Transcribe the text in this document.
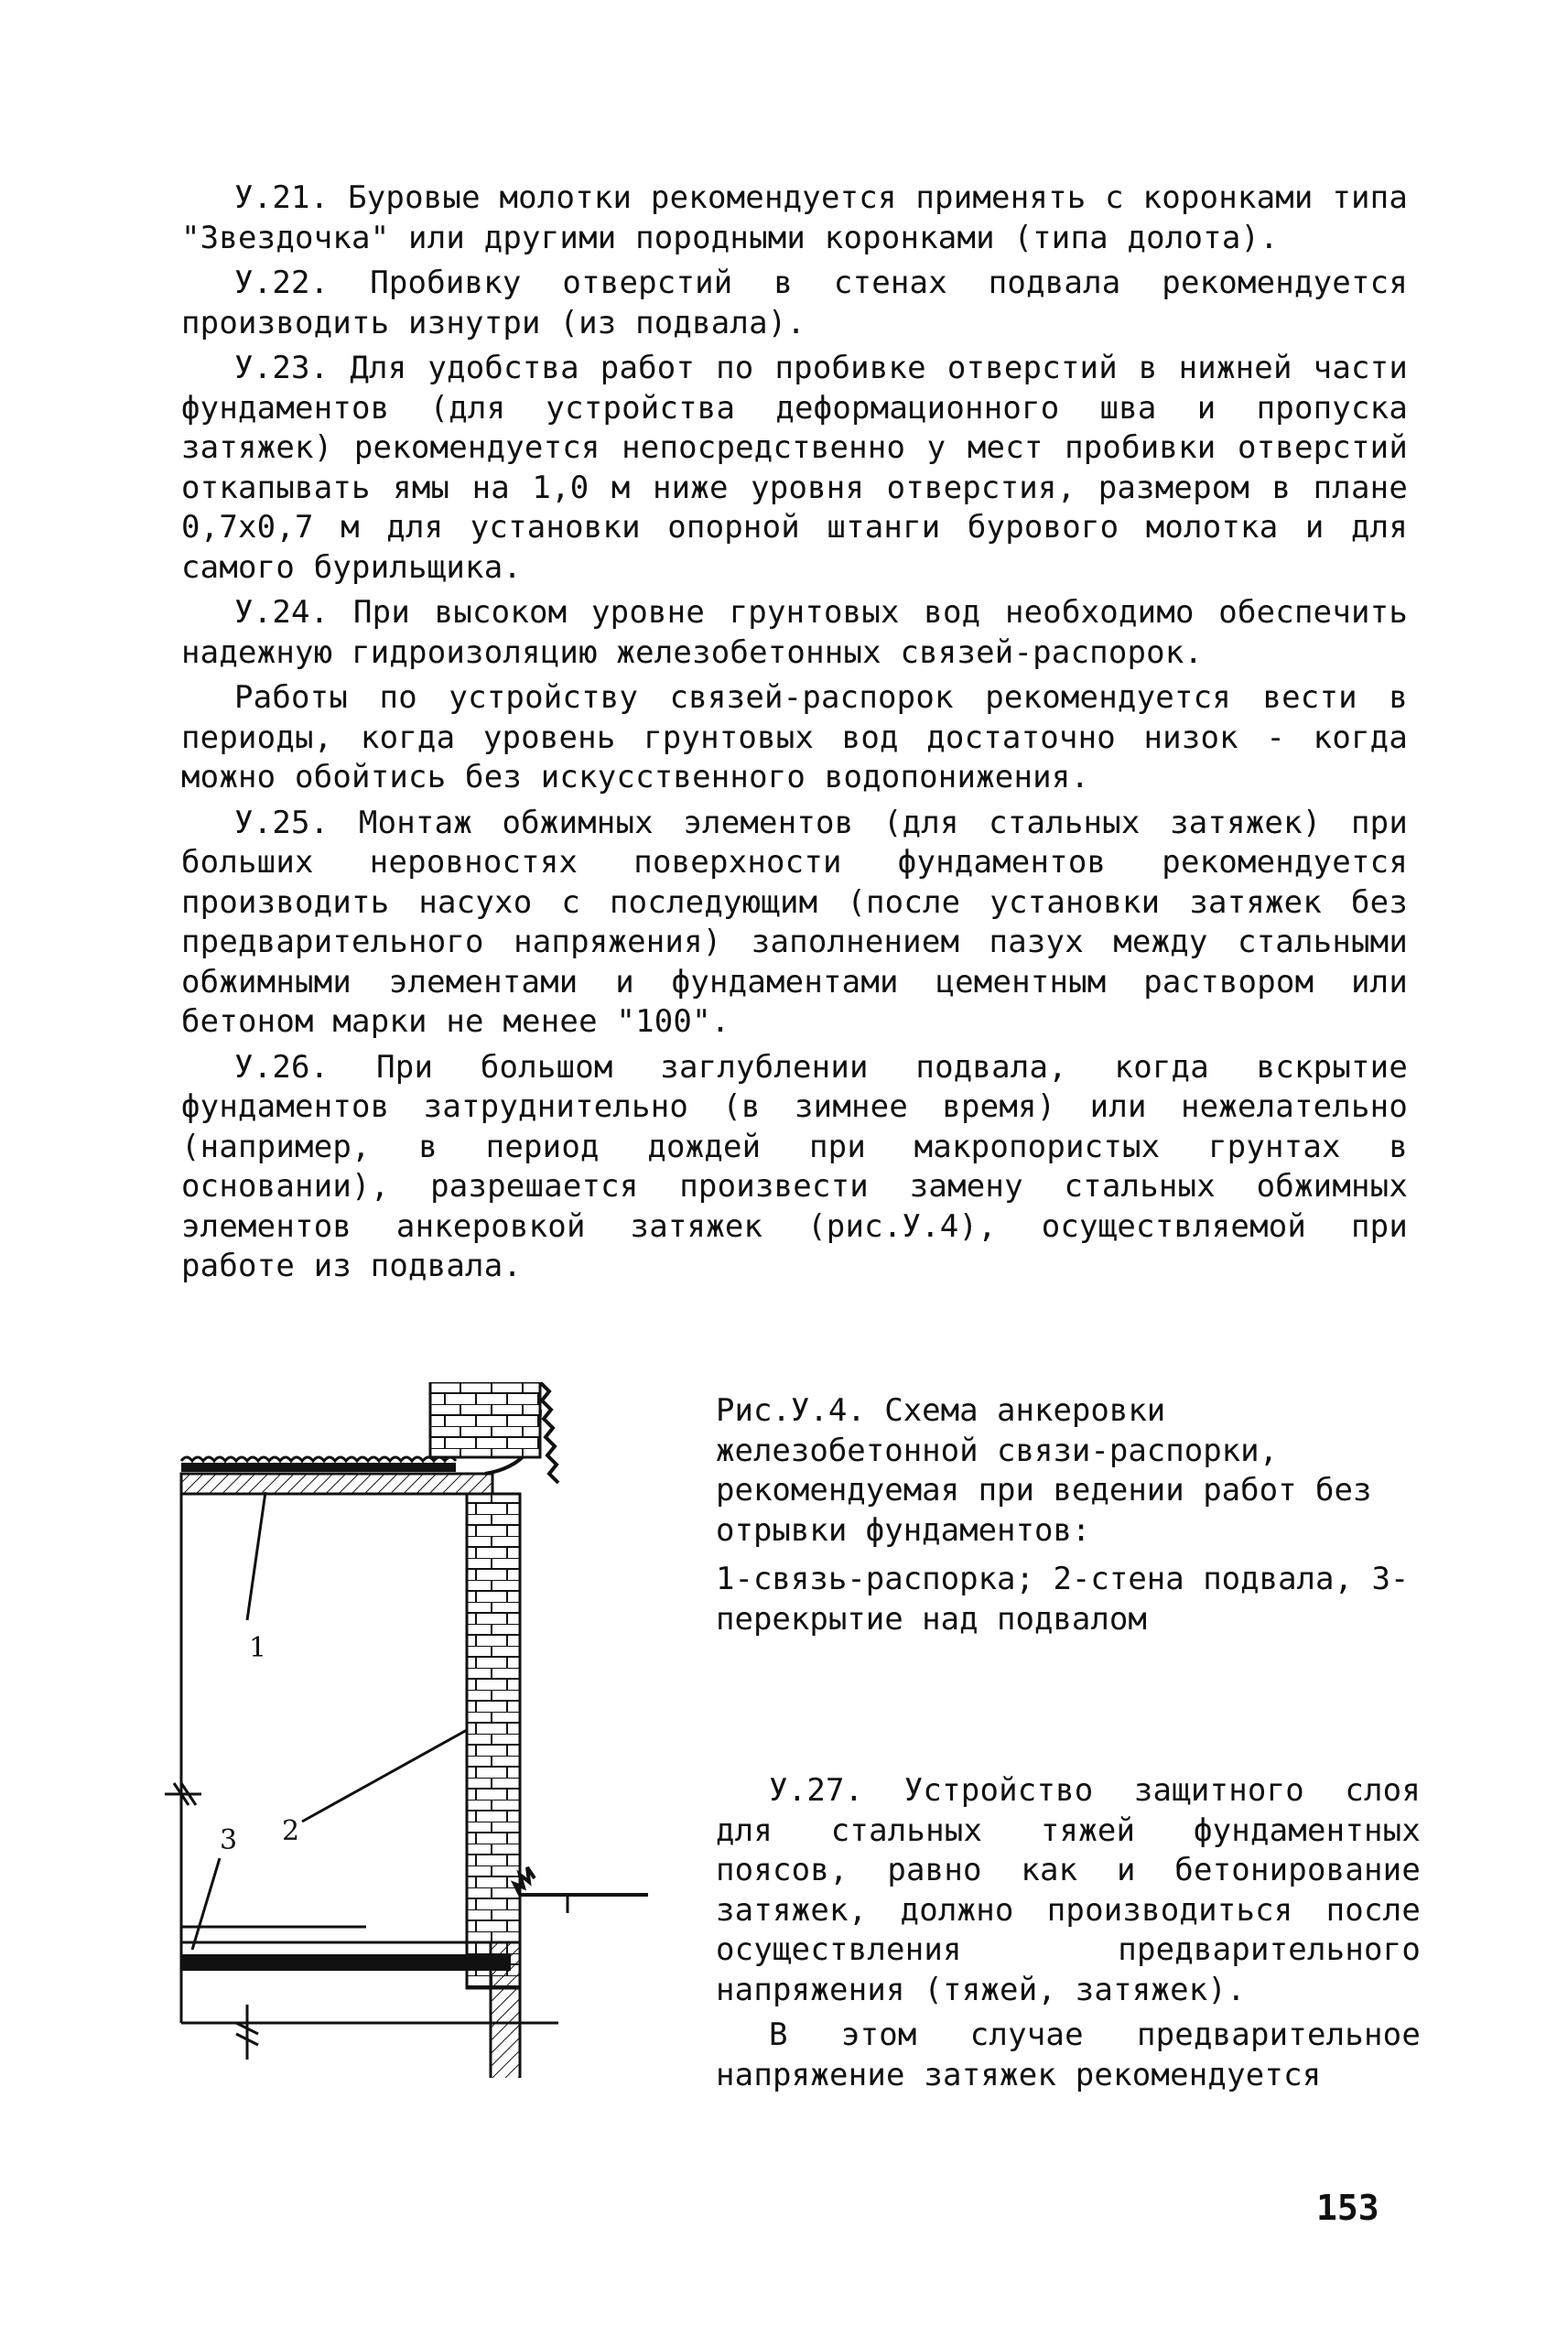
У.21. Буровые молотки рекомендуется применять с коронками типа "Звездочка" или другими породными коронками (типа долота).

У.22. Пробивку отверстий в стенах подвала рекомендуется производить изнутри (из подвала).

У.23. Для удобства работ по пробивке отверстий в нижней части фундаментов (для устройства деформационного шва и пропуска затяжек) рекомендуется непосредственно у мест пробивки отверстий откапывать ямы на 1,0 м ниже уровня отверстия, размером в плане 0,7x0,7 м для установки опорной штанги бурового молотка и для самого бурильщика.

У.24. При высоком уровне грунтовых вод необходимо обеспечить надежную гидроизоляцию железобетонных связей-распорок.

Работы по устройству связей-распорок рекомендуется вести в периоды, когда уровень грунтовых вод достаточно низок - когда можно обойтись без искусственного водопонижения.

У.25. Монтаж обжимных элементов (для стальных затяжек) при больших неровностях поверхности фундаментов рекомендуется производить насухо с последующим (после установки затяжек без предварительного напряжения) заполнением пазух между стальными обжимными элементами и фундаментами цементным раствором или бетоном марки не менее "100".

У.26. При большом заглублении подвала, когда вскрытие фундаментов затруднительно (в зимнее время) или нежелательно (например, в период дождей при макропористых грунтах в основании), разрешается произвести замену стальных обжимных элементов анкеровкой затяжек (рис.У.4), осуществляемой при работе из подвала.

1
2
3

Рис.У.4. Схема анкеровки железобетонной связи-распорки, рекомендуемая при ведении работ без отрывки фундаментов:

1-связь-распорка; 2-стена подвала, 3-перекрытие над подвалом

У.27. Устройство защитного слоя для стальных тяжей фундаментных поясов, равно как и бетонирование затяжек, должно производиться после осуществления предварительного напряжения (тяжей, затяжек).

В этом случае предварительное напряжение затяжек рекомендуется

153
